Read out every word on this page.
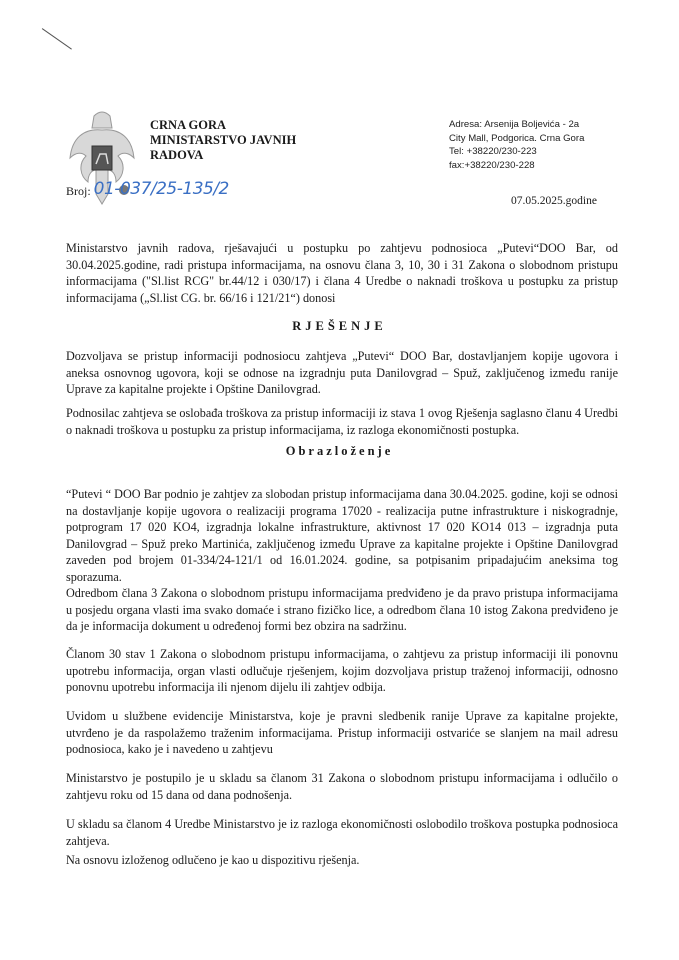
CRNA GORA
MINISTARSTVO JAVNIH
RADOVA
Adresa: Arsenija Boljevića - 2a
City Mall, Podgorica. Crna Gora
Tel: +38220/230-223
fax:+38220/230-228
Broj: 01-037/25-135/2
07.05.2025.godine
Ministarstvo javnih radova, rješavajući u postupku po zahtjevu podnosioca „Putevi“DOO Bar, od 30.04.2025.godine, radi pristupa informacijama, na osnovu člana 3, 10, 30 i 31 Zakona o slobodnom pristupu informacijama ("Sl.list RCG" br.44/12 i 030/17) i člana 4 Uredbe o naknadi troškova u postupku za pristup informacijama („Sl.list CG. br. 66/16 i 121/21“) donosi
RJEŠENJE
Dozvoljava se pristup informaciji podnosiocu zahtjeva „Putevi“ DOO Bar, dostavljanjem kopije ugovora i aneksa osnovnog ugovora, koji se odnose na izgradnju puta Danilovgrad – Spuž, zaključenog između ranije Uprave za kapitalne projekte i Opštine Danilovgrad.
Podnosilac zahtjeva se oslobađa troškova za pristup informaciji iz stava 1 ovog Rješenja saglasno članu 4 Uredbi o naknadi troškova u postupku za pristup informacijama, iz razloga ekonomičnosti postupka.
Obrazloženje
“Putevi “ DOO Bar podnio je zahtjev za slobodan pristup informacijama dana 30.04.2025. godine, koji se odnosi na dostavljanje kopije ugovora o realizaciji programa 17020 - realizacija putne infrastrukture i niskogradnje, potprogram 17 020 KO4, izgradnja lokalne infrastrukture, aktivnost 17 020 KO14 013 – izgradnja puta Danilovgrad – Spuž preko Martinića, zaključenog između Uprave za kapitalne projekte i Opštine Danilovgrad zaveden pod brojem 01-334/24-121/1 od 16.01.2024. godine, sa potpisanim pripadajućim aneksima tog sporazuma.
Odredbom člana 3 Zakona o slobodnom pristupu informacijama predviđeno je da pravo pristupa informacijama u posjedu organa vlasti ima svako domaće i strano fizičko lice, a odredbom člana 10 istog Zakona predviđeno je da je informacija dokument u određenoj formi bez obzira na sadržinu.
Članom 30 stav 1 Zakona o slobodnom pristupu informacijama, o zahtjevu za pristup informaciji ili ponovnu upotrebu informacija, organ vlasti odlučuje rješenjem, kojim dozvoljava pristup traženoj informaciji, odnosno ponovnu upotrebu informacija ili njenom dijelu ili zahtjev odbija.
Uvidom u službene evidencije Ministarstva, koje je pravni sledbenik ranije Uprave za kapitalne projekte, utvrđeno je da raspolažemo traženim informacijama. Pristup informaciji ostvariće se slanjem na mail adresu podnosioca, kako je i navedeno u zahtjevu
Ministarstvo je postupilo je u skladu sa članom 31 Zakona o slobodnom pristupu informacijama i odlučilo o zahtjevu roku od 15 dana od dana podnošenja.
U skladu sa članom 4 Uredbe Ministarstvo je iz razloga ekonomičnosti oslobodilo troškova postupka podnosioca zahtjeva.
Na osnovu izloženog odlučeno je kao u dispozitivu rješenja.
